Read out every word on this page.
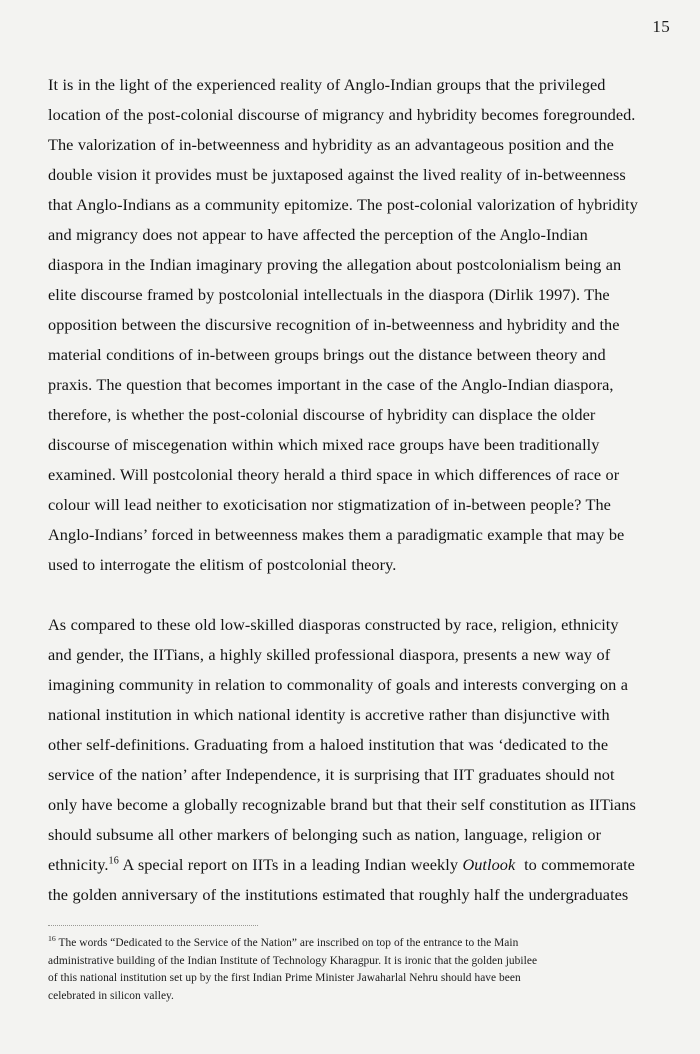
15

It is in the light of the experienced reality of Anglo-Indian groups that the privileged
location of the post-colonial discourse of migrancy and hybridity becomes foregrounded.
The valorization of in-betweenness and hybridity as an advantageous position and the
double vision it provides must be juxtaposed against the lived reality of in-betweenness
that Anglo-Indians as a community epitomize. The post-colonial valorization of hybridity
and migrancy does not appear to have affected the perception of the Anglo-Indian
diaspora in the Indian imaginary proving the allegation about postcolonialism being an
elite discourse framed by postcolonial intellectuals in the diaspora (Dirlik 1997). The
opposition between the discursive recognition of in-betweenness and hybridity and the
material conditions of in-between groups brings out the distance between theory and
praxis. The question that becomes important in the case of the Anglo-Indian diaspora,
therefore, is whether the post-colonial discourse of hybridity can displace the older
discourse of miscegenation within which mixed race groups have been traditionally
examined. Will postcolonial theory herald a third space in which differences of race or
colour will lead neither to exoticisation nor stigmatization of in-between people? The
Anglo-Indians’ forced in betweenness makes them a paradigmatic example that may be
used to interrogate the elitism of postcolonial theory.

As compared to these old low-skilled diasporas constructed by race, religion, ethnicity
and gender, the IITians, a highly skilled professional diaspora, presents a new way of
imagining community in relation to commonality of goals and interests converging on a
national institution in which national identity is accretive rather than disjunctive with
other self-definitions. Graduating from a haloed institution that was ‘dedicated to the
service of the nation’ after Independence, it is surprising that IIT graduates should not
only have become a globally recognizable brand but that their self constitution as IITians
should subsume all other markers of belonging such as nation, language, religion or
ethnicity.$^{16}$ A special report on IITs in a leading Indian weekly Outlook  to commemorate
the golden anniversary of the institutions estimated that roughly half the undergraduates

$^{16}$ The words “Dedicated to the Service of the Nation” are inscribed on top of the entrance to the Main
administrative building of the Indian Institute of Technology Kharagpur. It is ironic that the golden jubilee
of this national institution set up by the first Indian Prime Minister Jawaharlal Nehru should have been
celebrated in silicon valley.
